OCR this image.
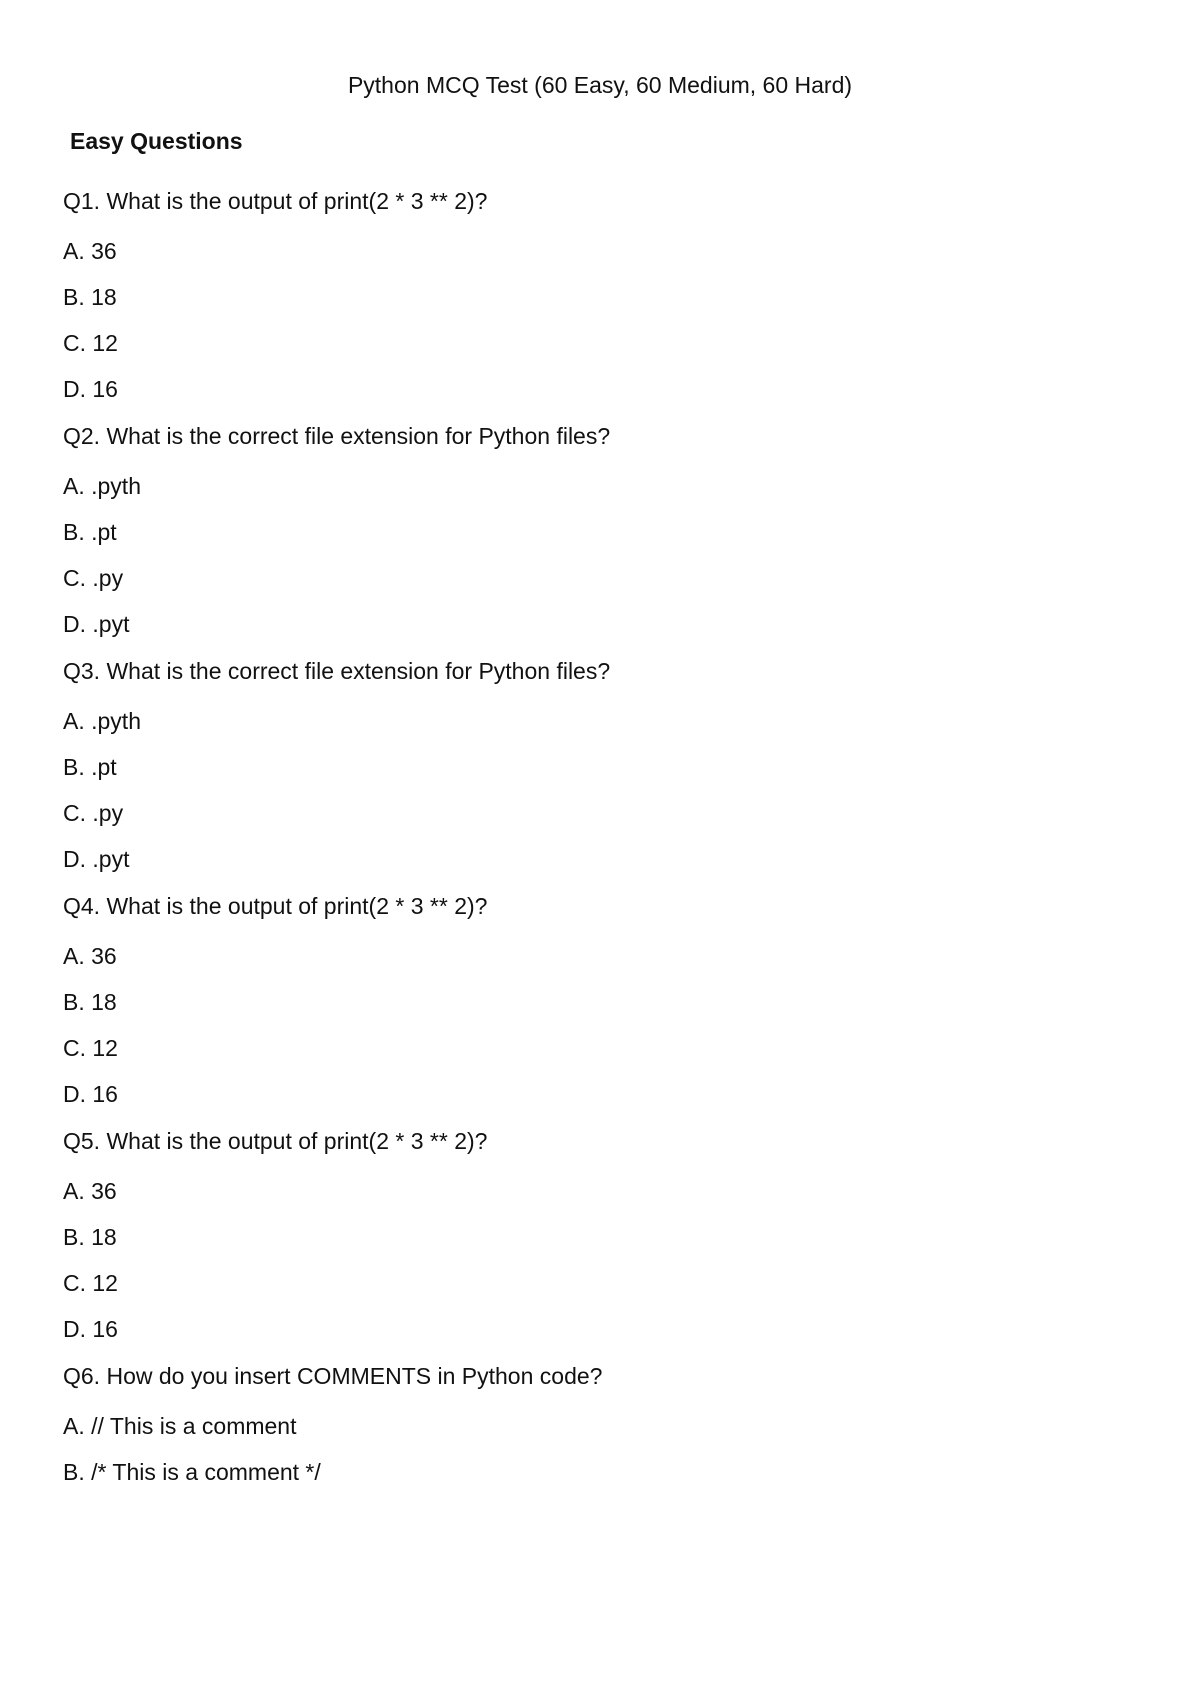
Python MCQ Test (60 Easy, 60 Medium, 60 Hard)
Easy Questions
Q1. What is the output of print(2 * 3 ** 2)?
A. 36
B. 18
C. 12
D. 16
Q2. What is the correct file extension for Python files?
A. .pyth
B. .pt
C. .py
D. .pyt
Q3. What is the correct file extension for Python files?
A. .pyth
B. .pt
C. .py
D. .pyt
Q4. What is the output of print(2 * 3 ** 2)?
A. 36
B. 18
C. 12
D. 16
Q5. What is the output of print(2 * 3 ** 2)?
A. 36
B. 18
C. 12
D. 16
Q6. How do you insert COMMENTS in Python code?
A. // This is a comment
B. /* This is a comment */
